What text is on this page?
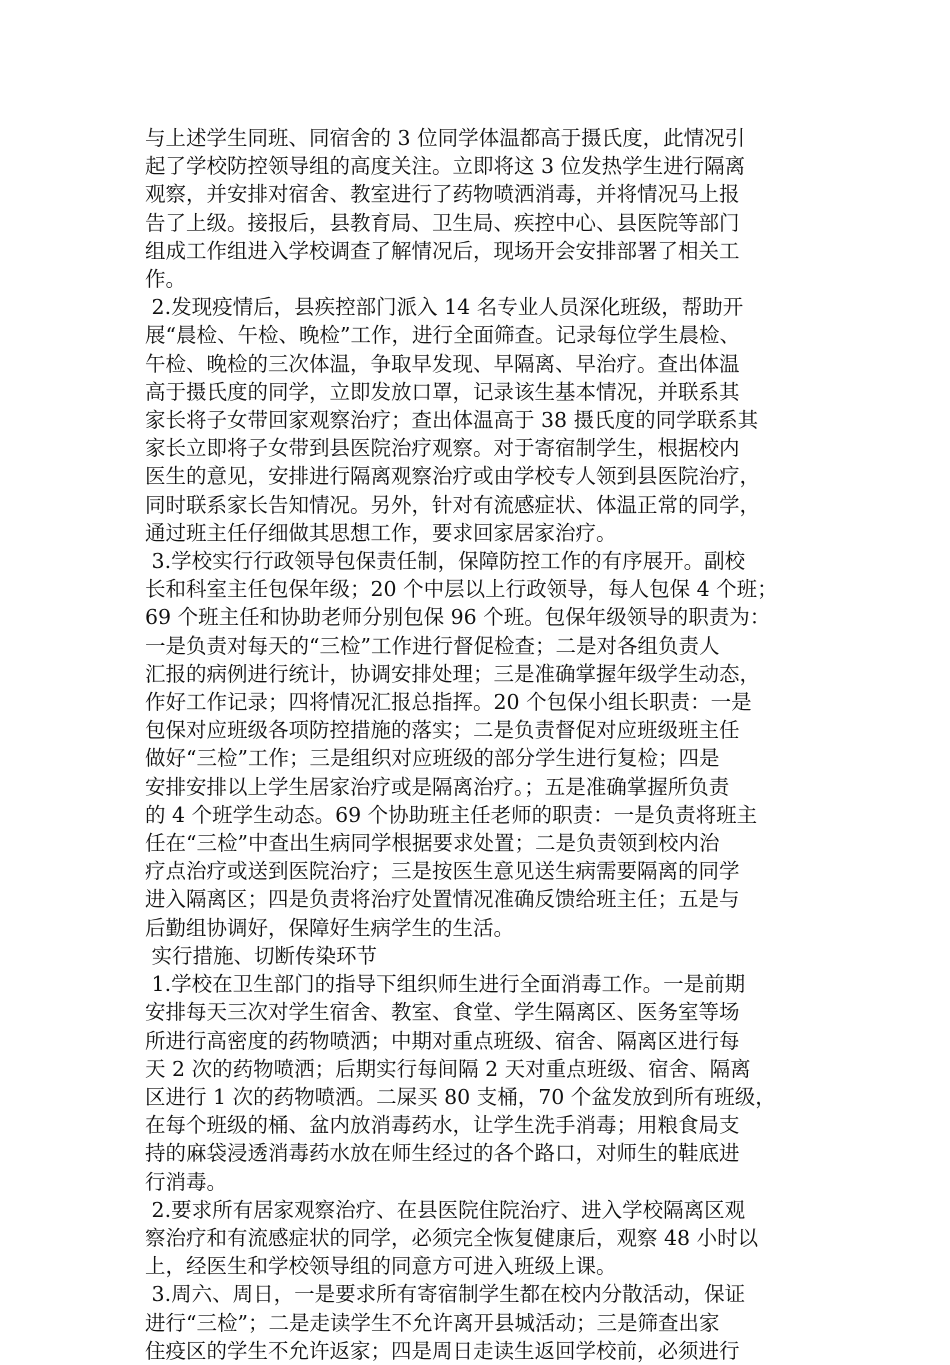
与上述学生同班、同宿舍的 3 位同学体温都高于摄氏度，此情况引
起了学校防控领导组的高度关注。立即将这 3 位发热学生进行隔离
观察，并安排对宿舍、教室进行了药物喷洒消毒，并将情况马上报
告了上级。接报后，县教育局、卫生局、疾控中心、县医院等部门
组成工作组进入学校调查了解情况后，现场开会安排部署了相关工
作。

2.发现疫情后，县疾控部门派入 14 名专业人员深化班级，帮助开
展“晨检、午检、晚检”工作，进行全面筛查。记录每位学生晨检、
午检、晚检的三次体温，争取早发现、早隔离、早治疗。查出体温
高于摄氏度的同学，立即发放口罩，记录该生基本情况，并联系其
家长将子女带回家观察治疗；查出体温高于 38 摄氏度的同学联系其
家长立即将子女带到县医院治疗观察。对于寄宿制学生，根据校内
医生的意见，安排进行隔离观察治疗或由学校专人领到县医院治疗，
同时联系家长告知情况。另外，针对有流感症状、体温正常的同学，
通过班主任仔细做其思想工作，要求回家居家治疗。

3.学校实行行政领导包保责任制，保障防控工作的有序展开。副校
长和科室主任包保年级；20 个中层以上行政领导，每人包保 4 个班；
69 个班主任和协助老师分别包保 96 个班。包保年级领导的职责为：
一是负责对每天的“三检”工作进行督促检查；二是对各组负责人
汇报的病例进行统计，协调安排处理；三是准确掌握年级学生动态，
作好工作记录；四将情况汇报总指挥。20 个包保小组长职责：一是
包保对应班级各项防控措施的落实；二是负责督促对应班级班主任
做好“三检”工作；三是组织对应班级的部分学生进行复检；四是
安排安排以上学生居家治疗或是隔离治疗。；五是准确掌握所负责
的 4 个班学生动态。69 个协助班主任老师的职责：一是负责将班主
任在“三检”中查出生病同学根据要求处置；二是负责领到校内治
疗点治疗或送到医院治疗；三是按医生意见送生病需要隔离的同学
进入隔离区；四是负责将治疗处置情况准确反馈给班主任；五是与
后勤组协调好，保障好生病学生的生活。

实行措施、切断传染环节

1.学校在卫生部门的指导下组织师生进行全面消毒工作。一是前期
安排每天三次对学生宿舍、教室、食堂、学生隔离区、医务室等场
所进行高密度的药物喷洒；中期对重点班级、宿舍、隔离区进行每
天 2 次的药物喷洒；后期实行每间隔 2 天对重点班级、宿舍、隔离
区进行 1 次的药物喷洒。二屎买 80 支桶，70 个盆发放到所有班级，
在每个班级的桶、盆内放消毒药水，让学生洗手消毒；用粮食局支
持的麻袋浸透消毒药水放在师生经过的各个路口，对师生的鞋底进
行消毒。

2.要求所有居家观察治疗、在县医院住院治疗、进入学校隔离区观
察治疗和有流感症状的同学，必须完全恢复健康后，观察 48 小时以
上，经医生和学校领导组的同意方可进入班级上课。

3.周六、周日，一是要求所有寄宿制学生都在校内分散活动，保证
进行“三检”；二是走读学生不允许离开县城活动；三是筛查出家
住疫区的学生不允许返家；四是周日走读生返回学校前，必须进行
